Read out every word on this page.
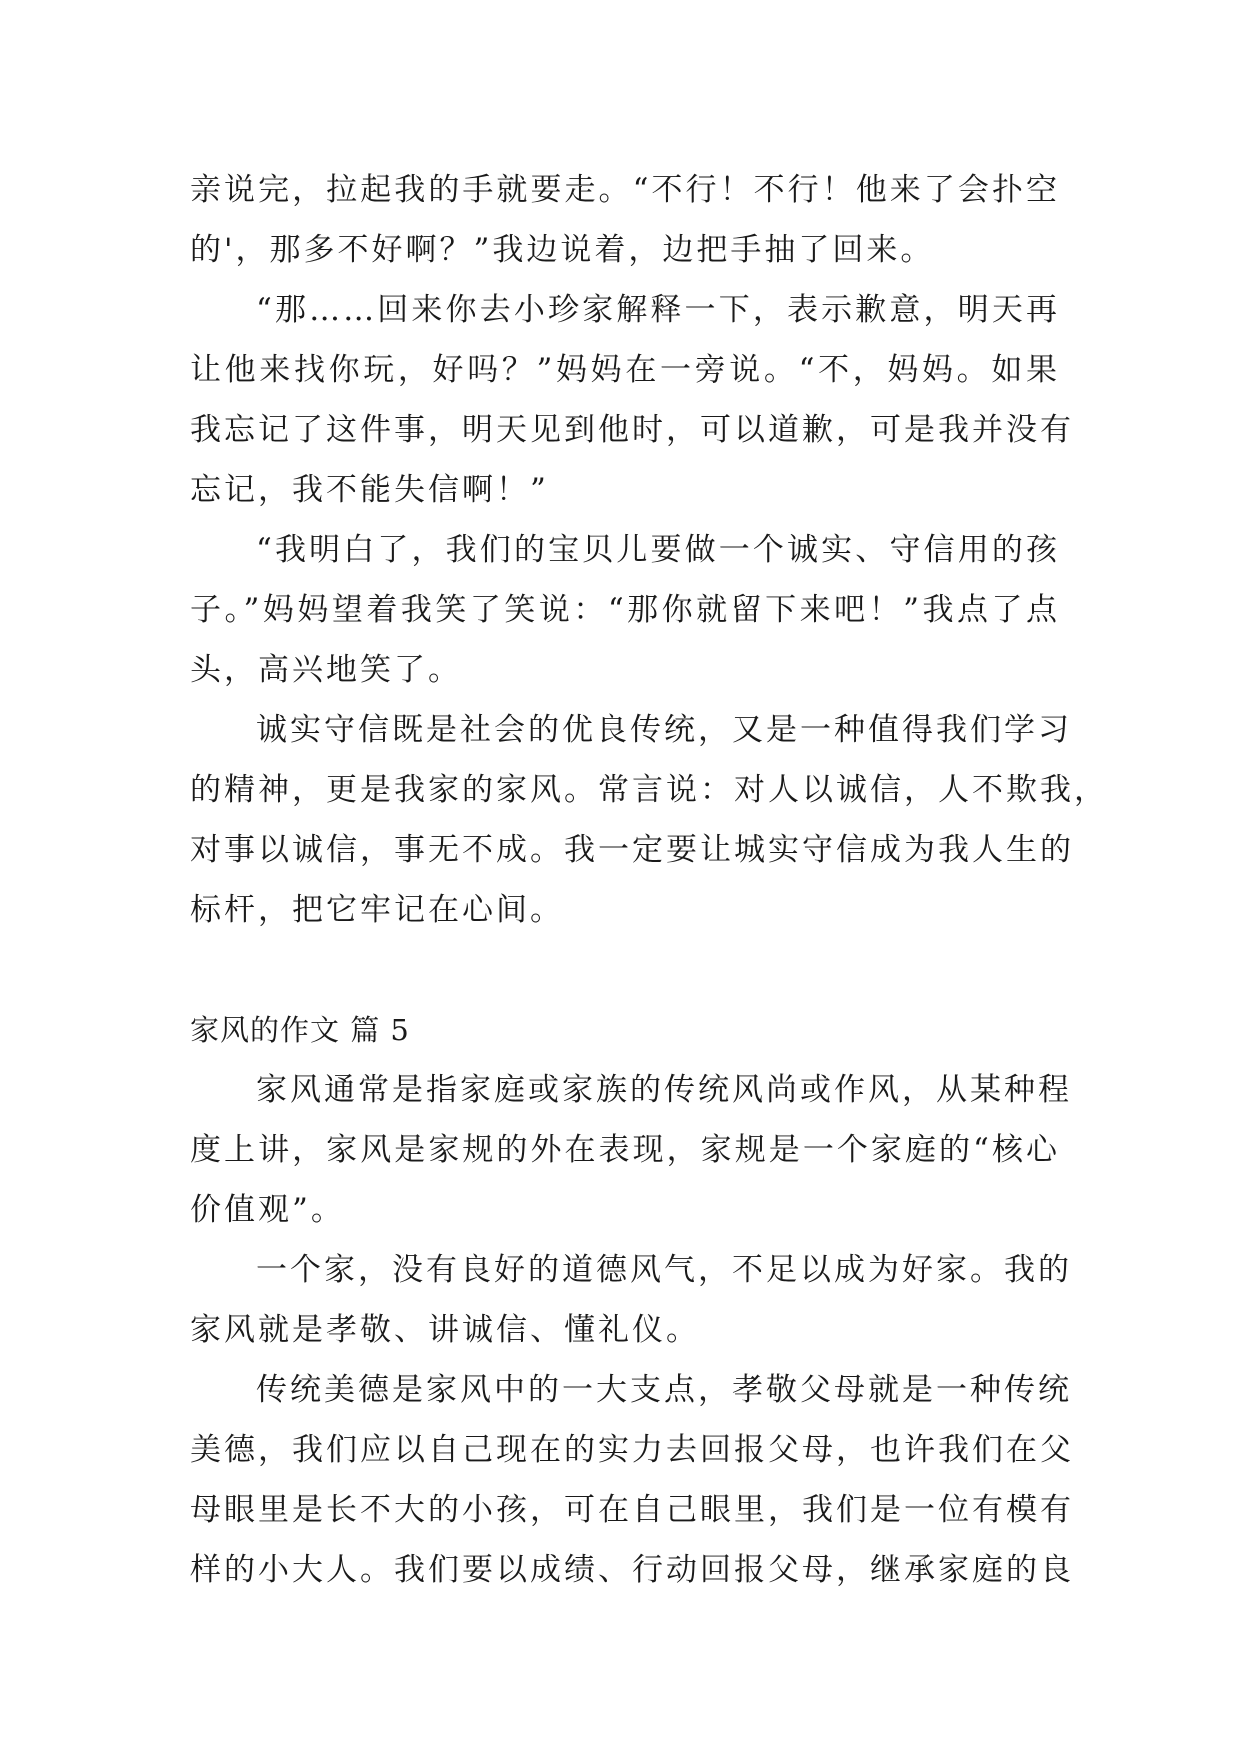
亲说完，拉起我的手就要走。“不行！不行！他来了会扑空
的'，那多不好啊？”我边说着，边把手抽了回来。
“那……回来你去小珍家解释一下，表示歉意，明天再
让他来找你玩，好吗？”妈妈在一旁说。“不，妈妈。如果
我忘记了这件事，明天见到他时，可以道歉，可是我并没有
忘记，我不能失信啊！”
“我明白了，我们的宝贝儿要做一个诚实、守信用的孩
子。”妈妈望着我笑了笑说：“那你就留下来吧！”我点了点
头，高兴地笑了。
诚实守信既是社会的优良传统，又是一种值得我们学习
的精神，更是我家的家风。常言说：对人以诚信，人不欺我，
对事以诚信，事无不成。我一定要让城实守信成为我人生的
标杆，把它牢记在心间。
家风的作文 篇 5
家风通常是指家庭或家族的传统风尚或作风，从某种程
度上讲，家风是家规的外在表现，家规是一个家庭的“核心
价值观”。
一个家，没有良好的道德风气，不足以成为好家。我的
家风就是孝敬、讲诚信、懂礼仪。
传统美德是家风中的一大支点，孝敬父母就是一种传统
美德，我们应以自己现在的实力去回报父母，也许我们在父
母眼里是长不大的小孩，可在自己眼里，我们是一位有模有
样的小大人。我们要以成绩、行动回报父母，继承家庭的良
